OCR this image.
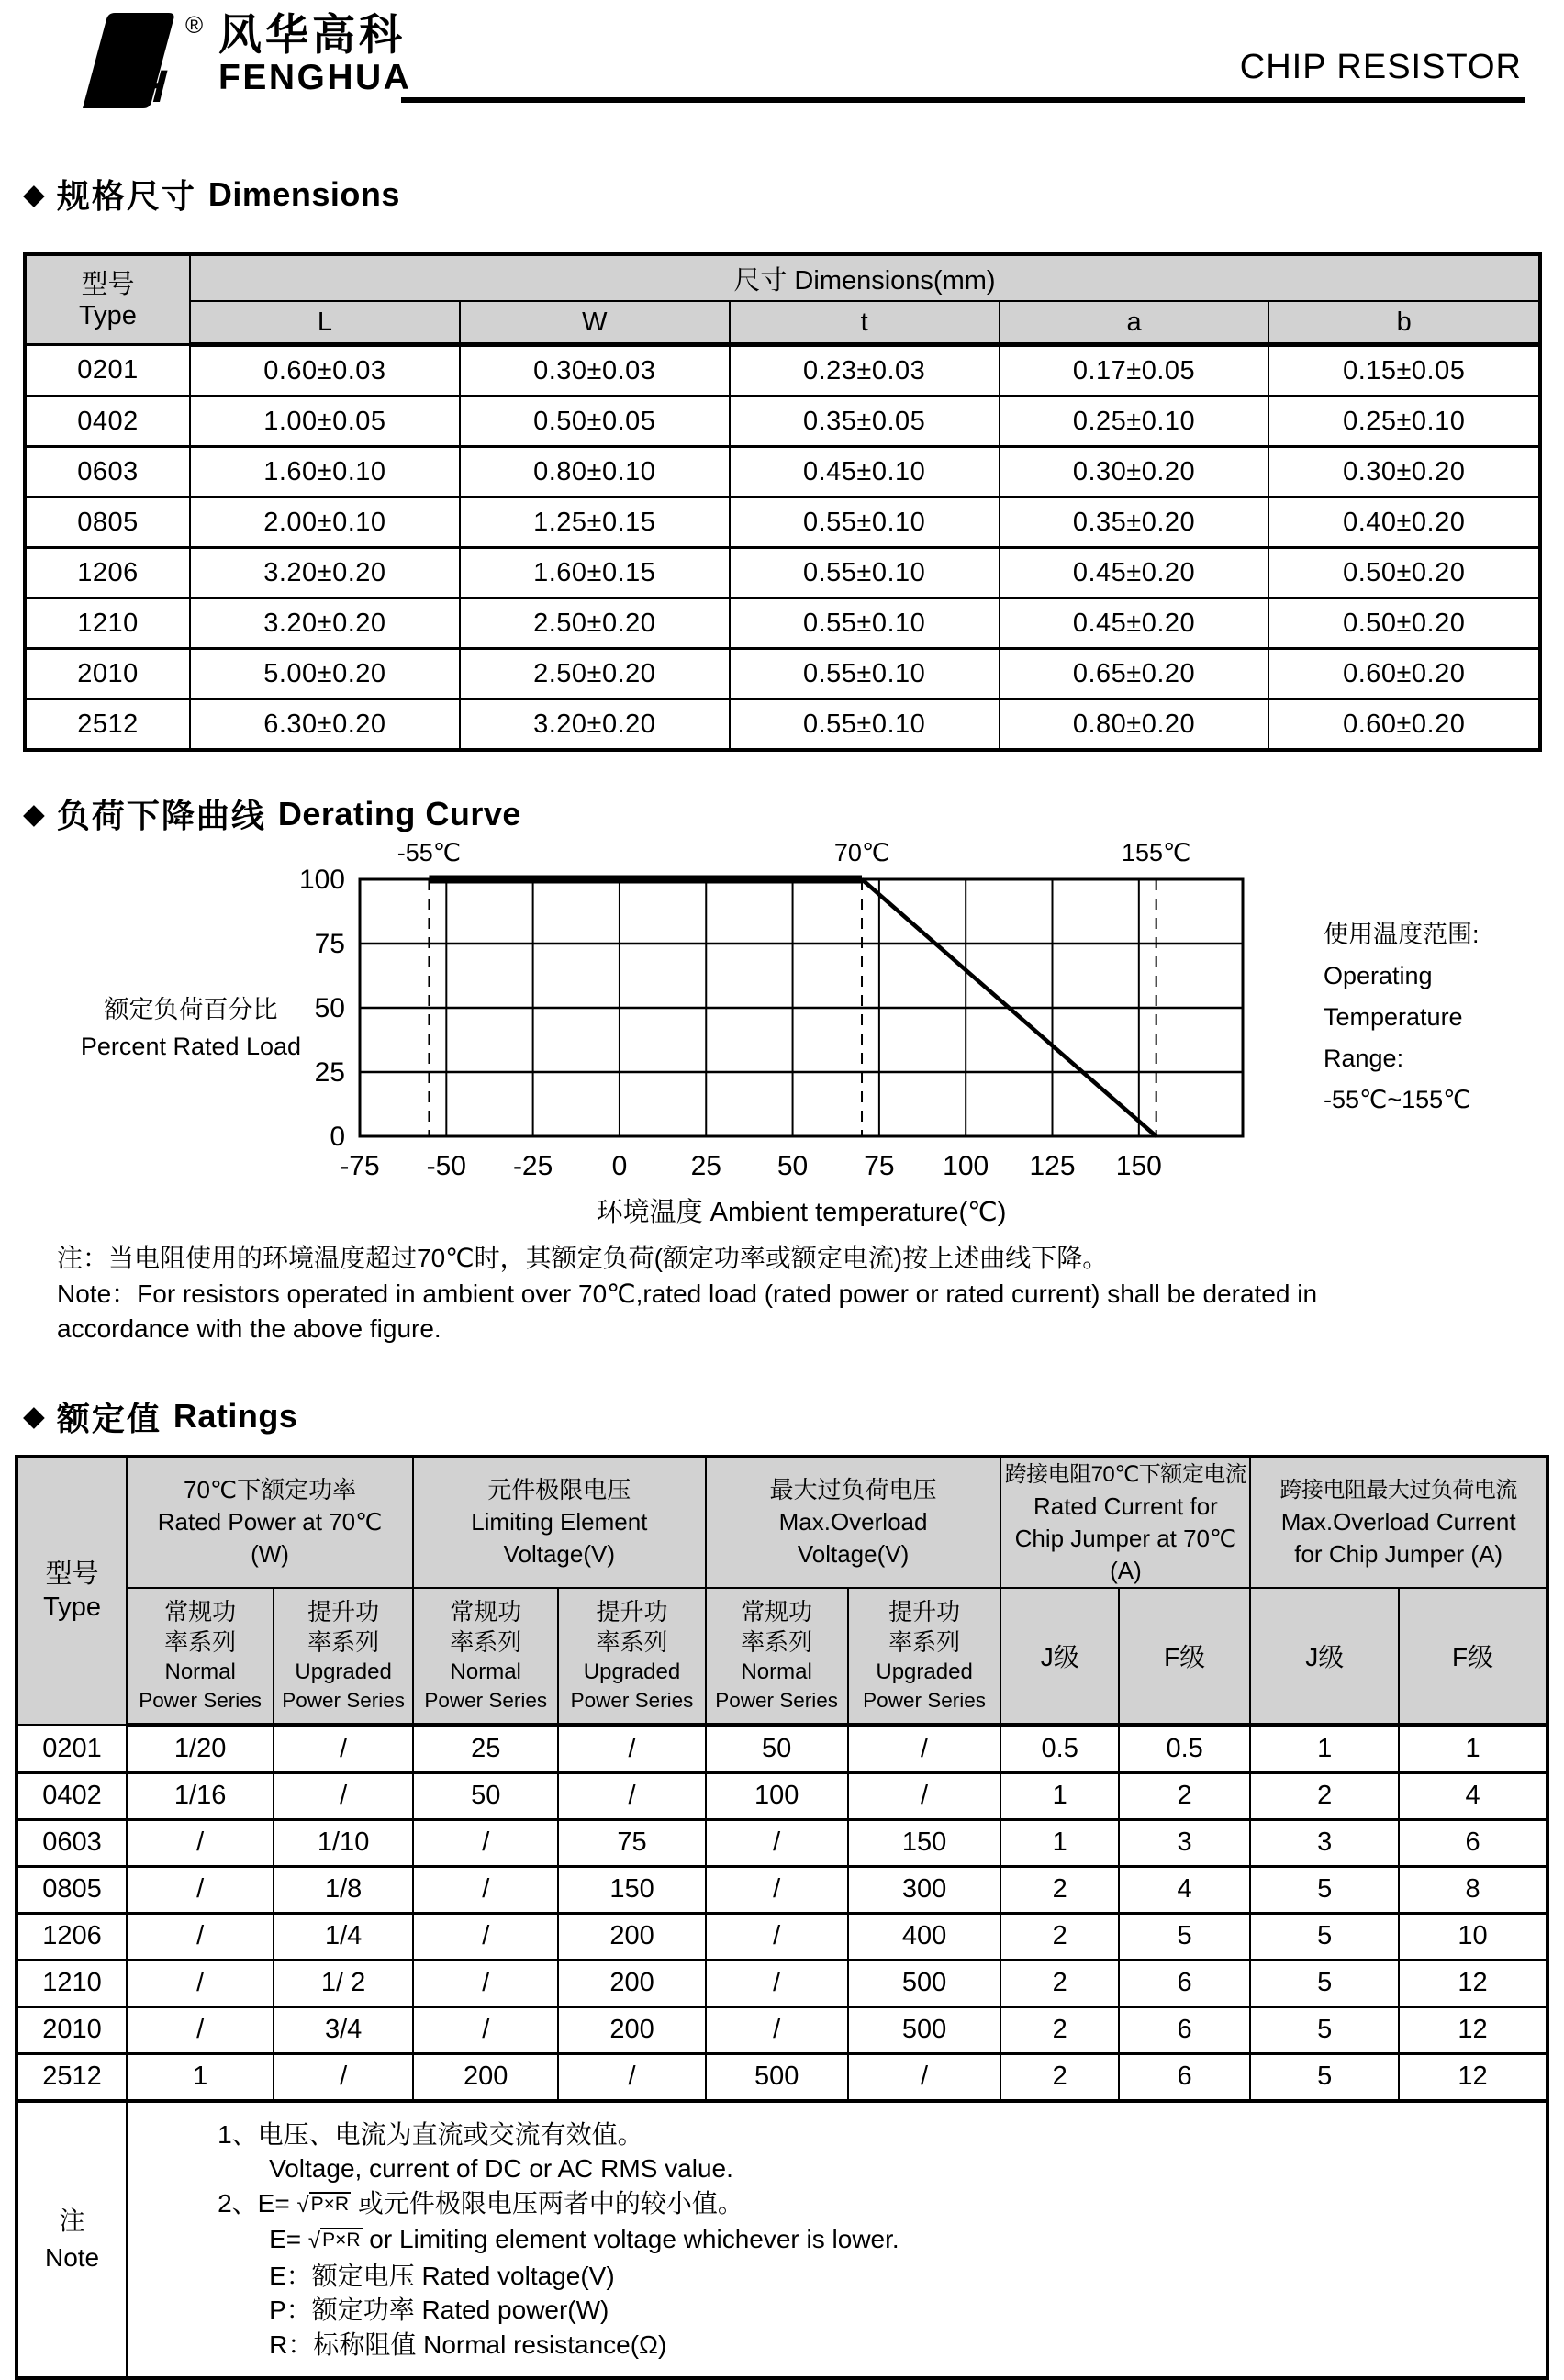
F
H
® 风华高科
FENGHUA	CHIP RESISTOR
◆ 规格尺寸 Dimensions
型号
Type	尺寸 Dimensions(mm)				
	L	W	t	a	b
0201	0.60±0.03	0.30±0.03	0.23±0.03	0.17±0.05	0.15±0.05
0402	1.00±0.05	0.50±0.05	0.35±0.05	0.25±0.10	0.25±0.10
0603	1.60±0.10	0.80±0.10	0.45±0.10	0.30±0.20	0.30±0.20
0805	2.00±0.10	1.25±0.15	0.55±0.10	0.35±0.20	0.40±0.20
1206	3.20±0.20	1.60±0.15	0.55±0.10	0.45±0.20	0.50±0.20
1210	3.20±0.20	2.50±0.20	0.55±0.10	0.45±0.20	0.50±0.20
2010	5.00±0.20	2.50±0.20	0.55±0.10	0.65±0.20	0.60±0.20
2512	6.30±0.20	3.20±0.20	0.55±0.10	0.80±0.20	0.60±0.20
◆ 负荷下降曲线 Derating Curve
额定负荷百分比
Percent Rated Load
-55℃	70℃	155℃
0
25
50
75
100
-75 -50 -25 0 25 50 75 100 125 150
环境温度 Ambient temperature(℃)
使用温度范围:
Operating
Temperature
Range:
-55℃~155℃

注：当电阻使用的环境温度超过70℃时，其额定负荷(额定功率或额定电流)按上述曲线下降。
Note：For resistors operated in ambient over 70℃,rated load (rated power or rated current) shall be derated in
accordance with the above figure.

◆ 额定值 Ratings
型号
Type

70℃下额定功率
Rated Power at 70℃
(W)

元件极限电压
Limiting Element
Voltage(V)

最大过负荷电压
Max.Overload
Voltage(V)

跨接电阻70℃下额定电流
Rated Current for
Chip Jumper at 70℃(A)

跨接电阻最大过负荷电流
Max.Overload Current
for Chip Jumper (A)

常规功
率系列
Normal
Power Series

提升功
率系列
Upgraded
Power Series

常规功
率系列
Normal
Power Series

提升功
率系列
Upgraded
Power Series

常规功
率系列
Normal
Power Series

提升功
率系列
Upgraded
Power Series
	J级	F级	J级	F级
0201	1/20	/	25	/	50	/	0.5	0.5	1	1
0402	1/16	/	50	/	100	/	1	2	2	4
0603	/	1/10	/	75	/	150	1	3	3	6
0805	/	1/8	/	150	/	300	2	4	5	8
1206	/	1/4	/	200	/	400	2	5	5	10
1210	/	1/ 2	/	200	/	500	2	6	5	12
2010	/	3/4	/	200	/	500	2	6	5	12
2512	1	/	200	/	500	/	2	6	5	12

注
Note

1、电压、电流为直流或交流有效值。
Voltage, current of DC or AC RMS value.
2、E= √P×R 或元件极限电压两者中的较小值。
E= √P×R or Limiting element voltage whichever is lower.
E：额定电压 Rated voltage(V)
P：额定功率 Rated power(W)
R：标称阻值 Normal resistance(Ω)
